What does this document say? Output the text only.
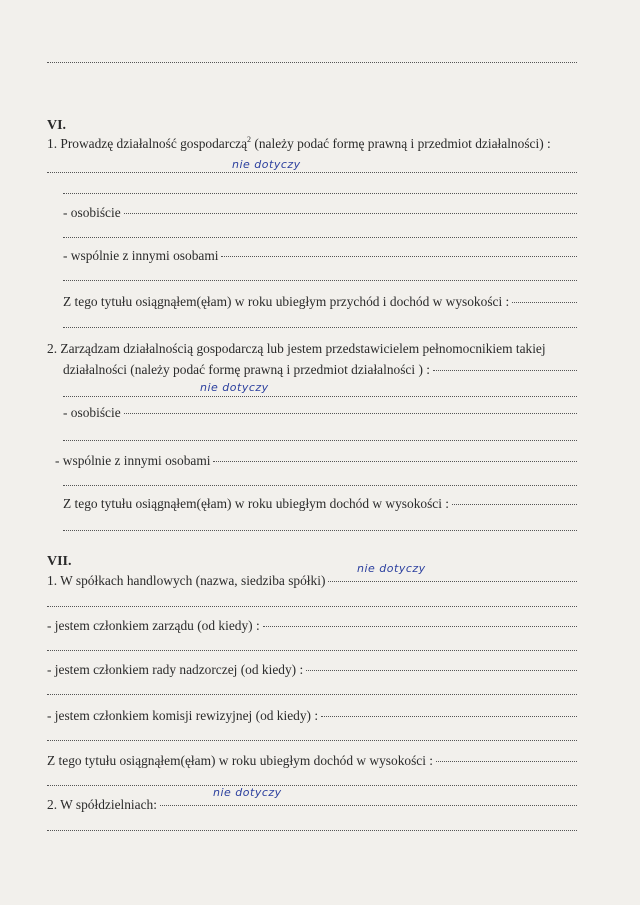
VI.
1. Prowadzę działalność gospodarczą$^2$ (należy podać formę prawną i przedmiot działalności) :
nie dotyczy
- osobiście
- wspólnie z innymi osobami
Z tego tytułu osiągnąłem(ęłam) w roku ubiegłym przychód i dochód w wysokości :
2. Zarządzam działalnością gospodarczą lub jestem przedstawicielem pełnomocnikiem takiej
działalności (należy podać formę prawną i przedmiot działalności ) :
nie dotyczy
- osobiście
- wspólnie z innymi osobami
Z tego tytułu osiągnąłem(ęłam) w roku ubiegłym dochód w wysokości :
VII.
1. W spółkach handlowych (nazwa, siedziba spółki)
nie dotyczy
- jestem członkiem zarządu (od kiedy) :
- jestem członkiem rady nadzorczej (od kiedy) :
- jestem członkiem komisji rewizyjnej (od kiedy) :
Z tego tytułu osiągnąłem(ęłam) w roku ubiegłym dochód w wysokości :
2. W spółdzielniach:
nie dotyczy
